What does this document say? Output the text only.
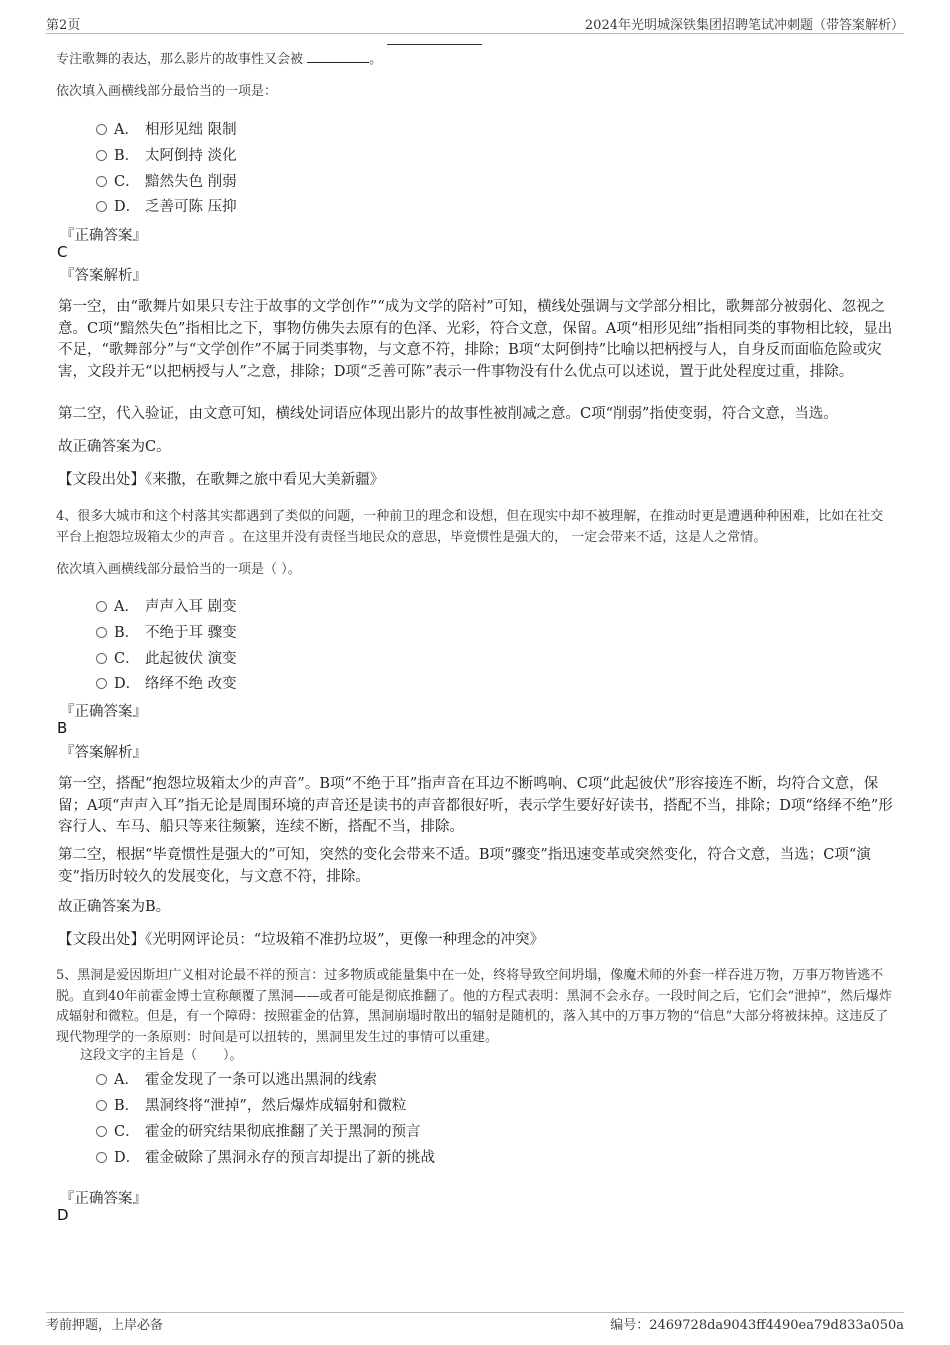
第2页	2024年光明城深铁集团招聘笔试冲刺题（带答案解析）
专注歌舞的表达，那么影片的故事性又会被	。
依次填入画横线部分最恰当的一项是：
A． 相形见绌 限制
B． 太阿倒持 淡化
C． 黯然失色 削弱
D． 乏善可陈 压抑
『正确答案』
C
『答案解析』
第一空，由“歌舞片如果只专注于故事的文学创作”“成为文学的陪衬”可知，横线处强调与文学部分相比，歌舞部分被弱化、忽视之意。C项“黯然失色”指相比之下，事物仿佛失去原有的色泽、光彩，符合文意，保留。A项“相形见绌”指相同类的事物相比较，显出不足，“歌舞部分”与“文学创作”不属于同类事物，与文意不符，排除；B项“太阿倒持”比喻以把柄授与人，自身反而面临危险或灾害，文段并无“以把柄授与人”之意，排除；D项“乏善可陈”表示一件事物没有什么优点可以述说，置于此处程度过重，排除。
第二空，代入验证，由文意可知，横线处词语应体现出影片的故事性被削减之意。C项“削弱”指使变弱，符合文意，当选。
故正确答案为C。
【文段出处】《来撒，在歌舞之旅中看见大美新疆》
4、很多大城市和这个村落其实都遇到了类似的问题，一种前卫的理念和设想，但在现实中却不被理解，在推动时更是遭遇种种困难，比如在社交平台上抱怨垃圾箱太少的声音 。在这里并没有责怪当地民众的意思，毕竟惯性是强大的， 一定会带来不适，这是人之常情。
依次填入画横线部分最恰当的一项是（ ）。
A． 声声入耳 剧变
B． 不绝于耳 骤变
C． 此起彼伏 演变
D． 络绎不绝 改变
『正确答案』
B
『答案解析』
第一空，搭配“抱怨垃圾箱太少的声音”。B项“不绝于耳”指声音在耳边不断鸣响、C项“此起彼伏”形容接连不断，均符合文意，保留；A项“声声入耳”指无论是周围环境的声音还是读书的声音都很好听，表示学生要好好读书，搭配不当，排除；D项“络绎不绝”形容行人、车马、船只等来往频繁，连续不断，搭配不当，排除。
第二空，根据“毕竟惯性是强大的”可知，突然的变化会带来不适。B项“骤变”指迅速变革或突然变化，符合文意，当选；C项“演变”指历时较久的发展变化，与文意不符，排除。
故正确答案为B。
【文段出处】《光明网评论员：“垃圾箱不准扔垃圾”，更像一种理念的冲突》
5、黑洞是爱因斯坦广义相对论最不祥的预言：过多物质或能量集中在一处，终将导致空间坍塌，像魔术师的外套一样吞进万物，万事万物皆逃不脱。直到40年前霍金博士宣称颠覆了黑洞——或者可能是彻底推翻了。他的方程式表明：黑洞不会永存。一段时间之后，它们会“泄掉”，然后爆炸成辐射和微粒。但是，有一个障碍：按照霍金的估算，黑洞崩塌时散出的辐射是随机的，落入其中的万事万物的“信息”大部分将被抹掉。这违反了现代物理学的一条原则：时间是可以扭转的，黑洞里发生过的事情可以重建。
这段文字的主旨是（　　）。
A． 霍金发现了一条可以逃出黑洞的线索
B． 黑洞终将“泄掉”，然后爆炸成辐射和微粒
C． 霍金的研究结果彻底推翻了关于黑洞的预言
D． 霍金破除了黑洞永存的预言却提出了新的挑战
『正确答案』
D
考前押题，上岸必备	编号：2469728da9043ff4490ea79d833a050a
